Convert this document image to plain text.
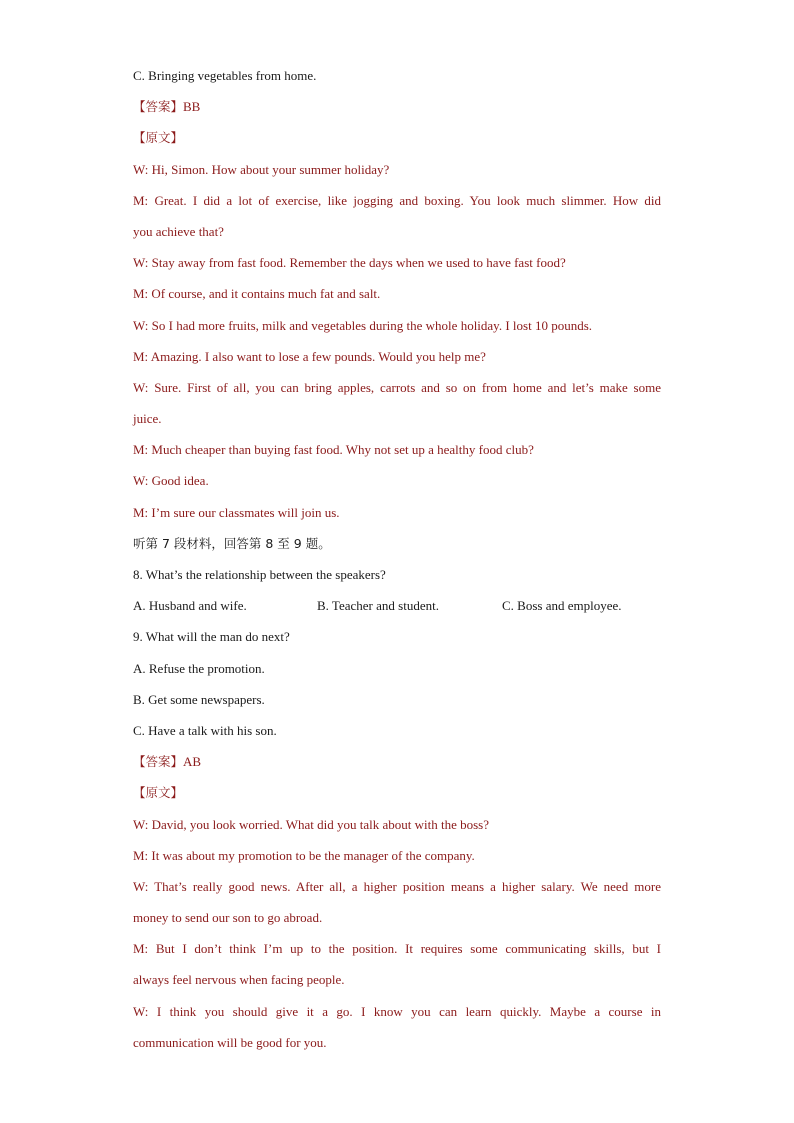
C. Bringing vegetables from home.
【答案】BB
【原文】
W: Hi, Simon. How about your summer holiday?
M: Great. I did a lot of exercise, like jogging and boxing. You look much slimmer. How did
you achieve that?
W: Stay away from fast food. Remember the days when we used to have fast food?
M: Of course, and it contains much fat and salt.
W: So I had more fruits, milk and vegetables during the whole holiday. I lost 10 pounds.
M: Amazing. I also want to lose a few pounds. Would you help me?
W: Sure. First of all, you can bring apples, carrots and so on from home and let’s make some
juice.
M: Much cheaper than buying fast food. Why not set up a healthy food club?
W: Good idea.
M: I’m sure our classmates will join us.
听第 7 段材料，回答第 8 至 9 题。
8. What’s the relationship between the speakers?
A. Husband and wife.	B. Teacher and student.	C. Boss and employee.
9. What will the man do next?
A. Refuse the promotion.
B. Get some newspapers.
C. Have a talk with his son.
【答案】AB
【原文】
W: David, you look worried. What did you talk about with the boss?
M: It was about my promotion to be the manager of the company.
W: That’s really good news. After all, a higher position means a higher salary. We need more
money to send our son to go abroad.
M: But I don’t think I’m up to the position. It requires some communicating skills, but I
always feel nervous when facing people.
W: I think you should give it a go. I know you can learn quickly. Maybe a course in
communication will be good for you.
